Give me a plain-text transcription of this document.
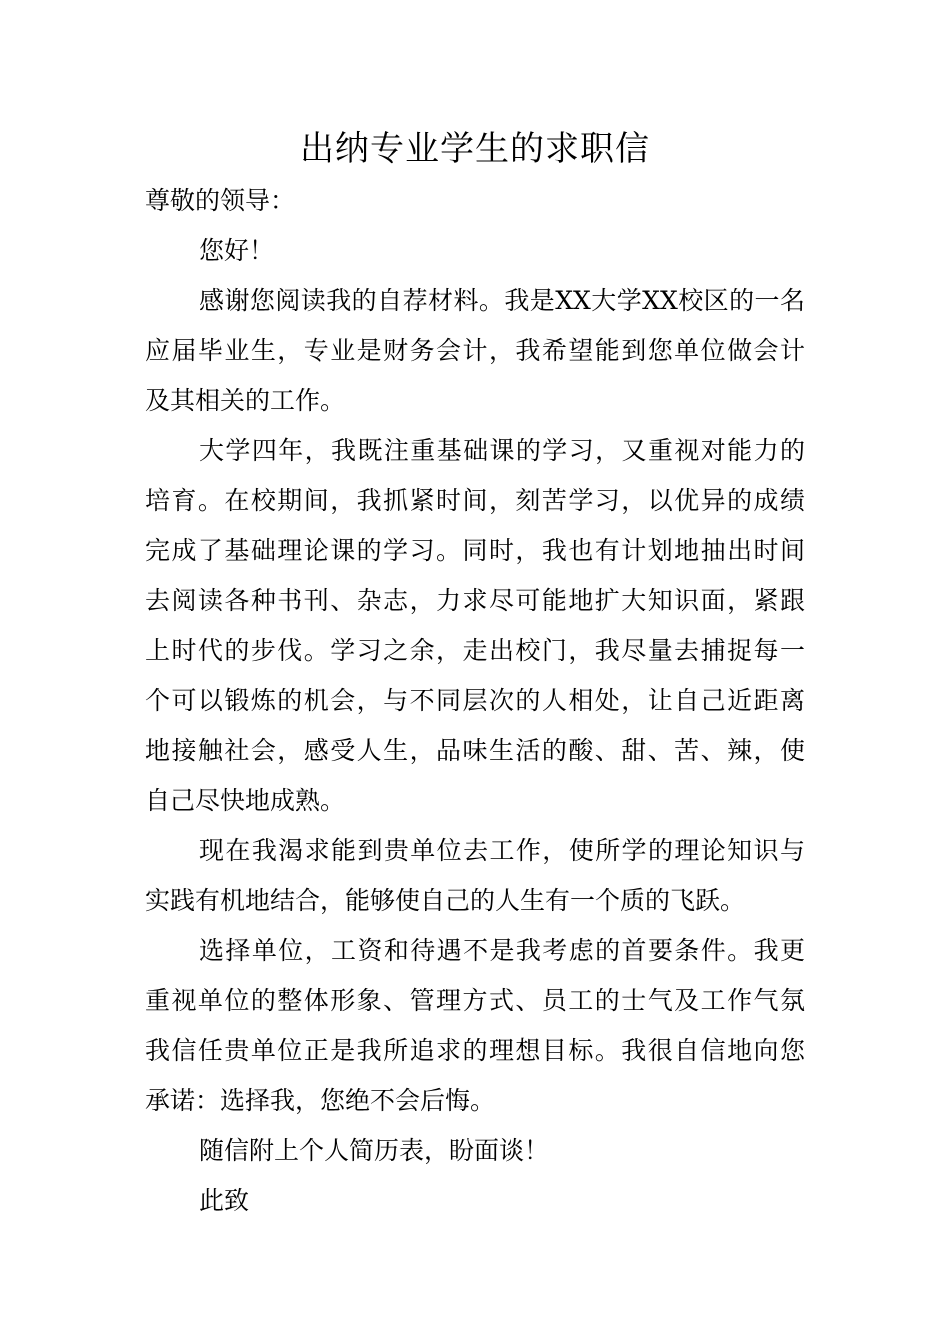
出纳专业学生的求职信
尊敬的领导：
您好！
感谢您阅读我的自荐材料。我是XX大学XX校区的一名
应届毕业生，专业是财务会计，我希望能到您单位做会计
及其相关的工作。
大学四年，我既注重基础课的学习，又重视对能力的
培育。在校期间，我抓紧时间，刻苦学习，以优异的成绩
完成了基础理论课的学习。同时，我也有计划地抽出时间
去阅读各种书刊、杂志，力求尽可能地扩大知识面，紧跟
上时代的步伐。学习之余，走出校门，我尽量去捕捉每一
个可以锻炼的机会，与不同层次的人相处，让自己近距离
地接触社会，感受人生，品味生活的酸、甜、苦、辣，使
自己尽快地成熟。
现在我渴求能到贵单位去工作，使所学的理论知识与
实践有机地结合，能够使自己的人生有一个质的飞跃。
选择单位，工资和待遇不是我考虑的首要条件。我更
重视单位的整体形象、管理方式、员工的士气及工作气氛
我信任贵单位正是我所追求的理想目标。我很自信地向您
承诺：选择我，您绝不会后悔。
随信附上个人简历表，盼面谈！
此致
